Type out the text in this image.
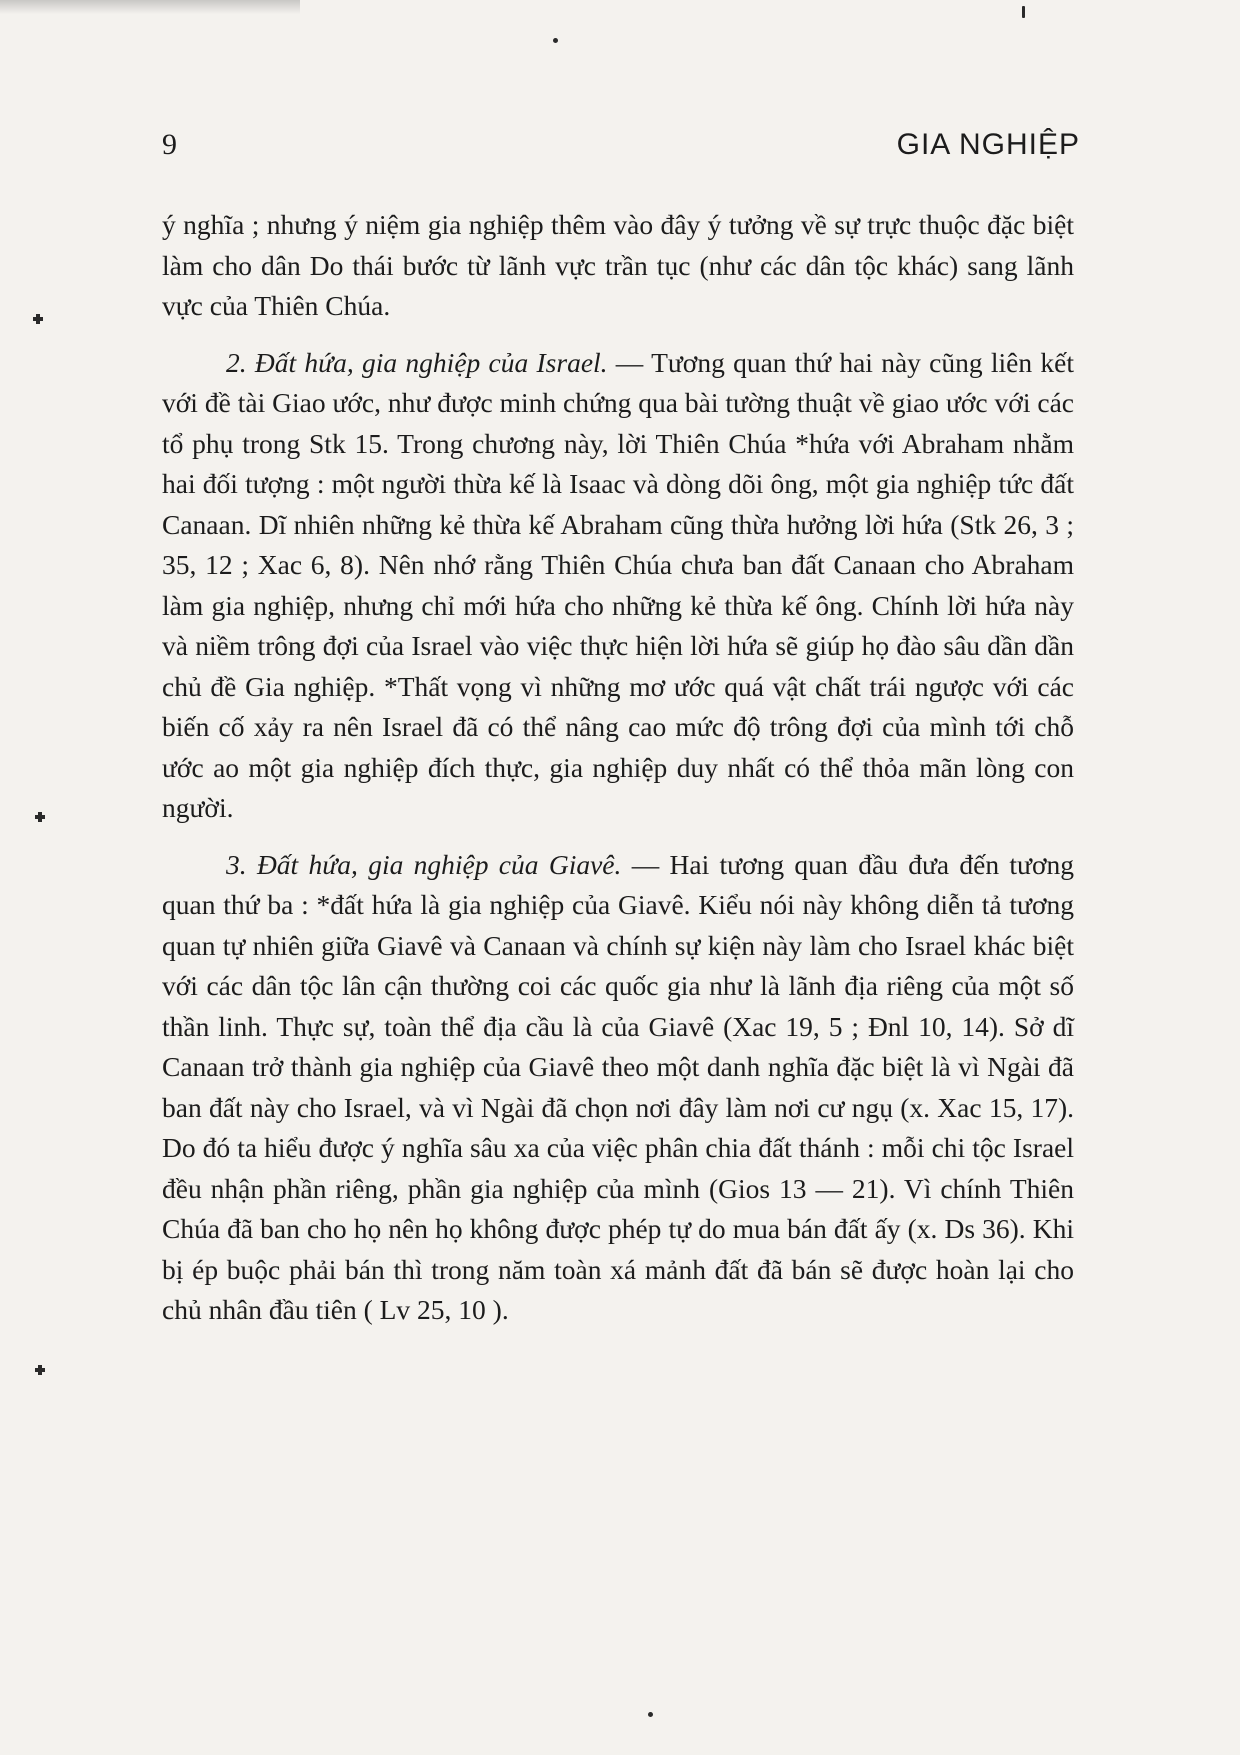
9	GIA NGHIỆP

ý nghĩa ; nhưng ý niệm gia nghiệp thêm vào đây ý tưởng về sự trực thuộc đặc biệt làm cho dân Do thái bước từ lãnh vực trần tục (như các dân tộc khác) sang lãnh vực của Thiên Chúa.

2. Đất hứa, gia nghiệp của Israel. — Tương quan thứ hai này cũng liên kết với đề tài Giao ước, như được minh chứng qua bài tường thuật về giao ước với các tổ phụ trong Stk 15. Trong chương này, lời Thiên Chúa *hứa với Abraham nhằm hai đối tượng : một người thừa kế là Isaac và dòng dõi ông, một gia nghiệp tức đất Canaan. Dĩ nhiên những kẻ thừa kế Abraham cũng thừa hưởng lời hứa (Stk 26, 3 ; 35, 12 ; Xac 6, 8). Nên nhớ rằng Thiên Chúa chưa ban đất Canaan cho Abraham làm gia nghiệp, nhưng chỉ mới hứa cho những kẻ thừa kế ông. Chính lời hứa này và niềm trông đợi của Israel vào việc thực hiện lời hứa sẽ giúp họ đào sâu dần dần chủ đề Gia nghiệp. *Thất vọng vì những mơ ước quá vật chất trái ngược với các biến cố xảy ra nên Israel đã có thể nâng cao mức độ trông đợi của mình tới chỗ ước ao một gia nghiệp đích thực, gia nghiệp duy nhất có thể thỏa mãn lòng con người.

3. Đất hứa, gia nghiệp của Giavê. — Hai tương quan đầu đưa đến tương quan thứ ba : *đất hứa là gia nghiệp của Giavê. Kiểu nói này không diễn tả tương quan tự nhiên giữa Giavê và Canaan và chính sự kiện này làm cho Israel khác biệt với các dân tộc lân cận thường coi các quốc gia như là lãnh địa riêng của một số thần linh. Thực sự, toàn thể địa cầu là của Giavê (Xac 19, 5 ; Đnl 10, 14). Sở dĩ Canaan trở thành gia nghiệp của Giavê theo một danh nghĩa đặc biệt là vì Ngài đã ban đất này cho Israel, và vì Ngài đã chọn nơi đây làm nơi cư ngụ (x. Xac 15, 17). Do đó ta hiểu được ý nghĩa sâu xa của việc phân chia đất thánh : mỗi chi tộc Israel đều nhận phần riêng, phần gia nghiệp của mình (Gios 13 — 21). Vì chính Thiên Chúa đã ban cho họ nên họ không được phép tự do mua bán đất ấy (x. Ds 36). Khi bị ép buộc phải bán thì trong năm toàn xá mảnh đất đã bán sẽ được hoàn lại cho chủ nhân đầu tiên ( Lv 25, 10 ).
